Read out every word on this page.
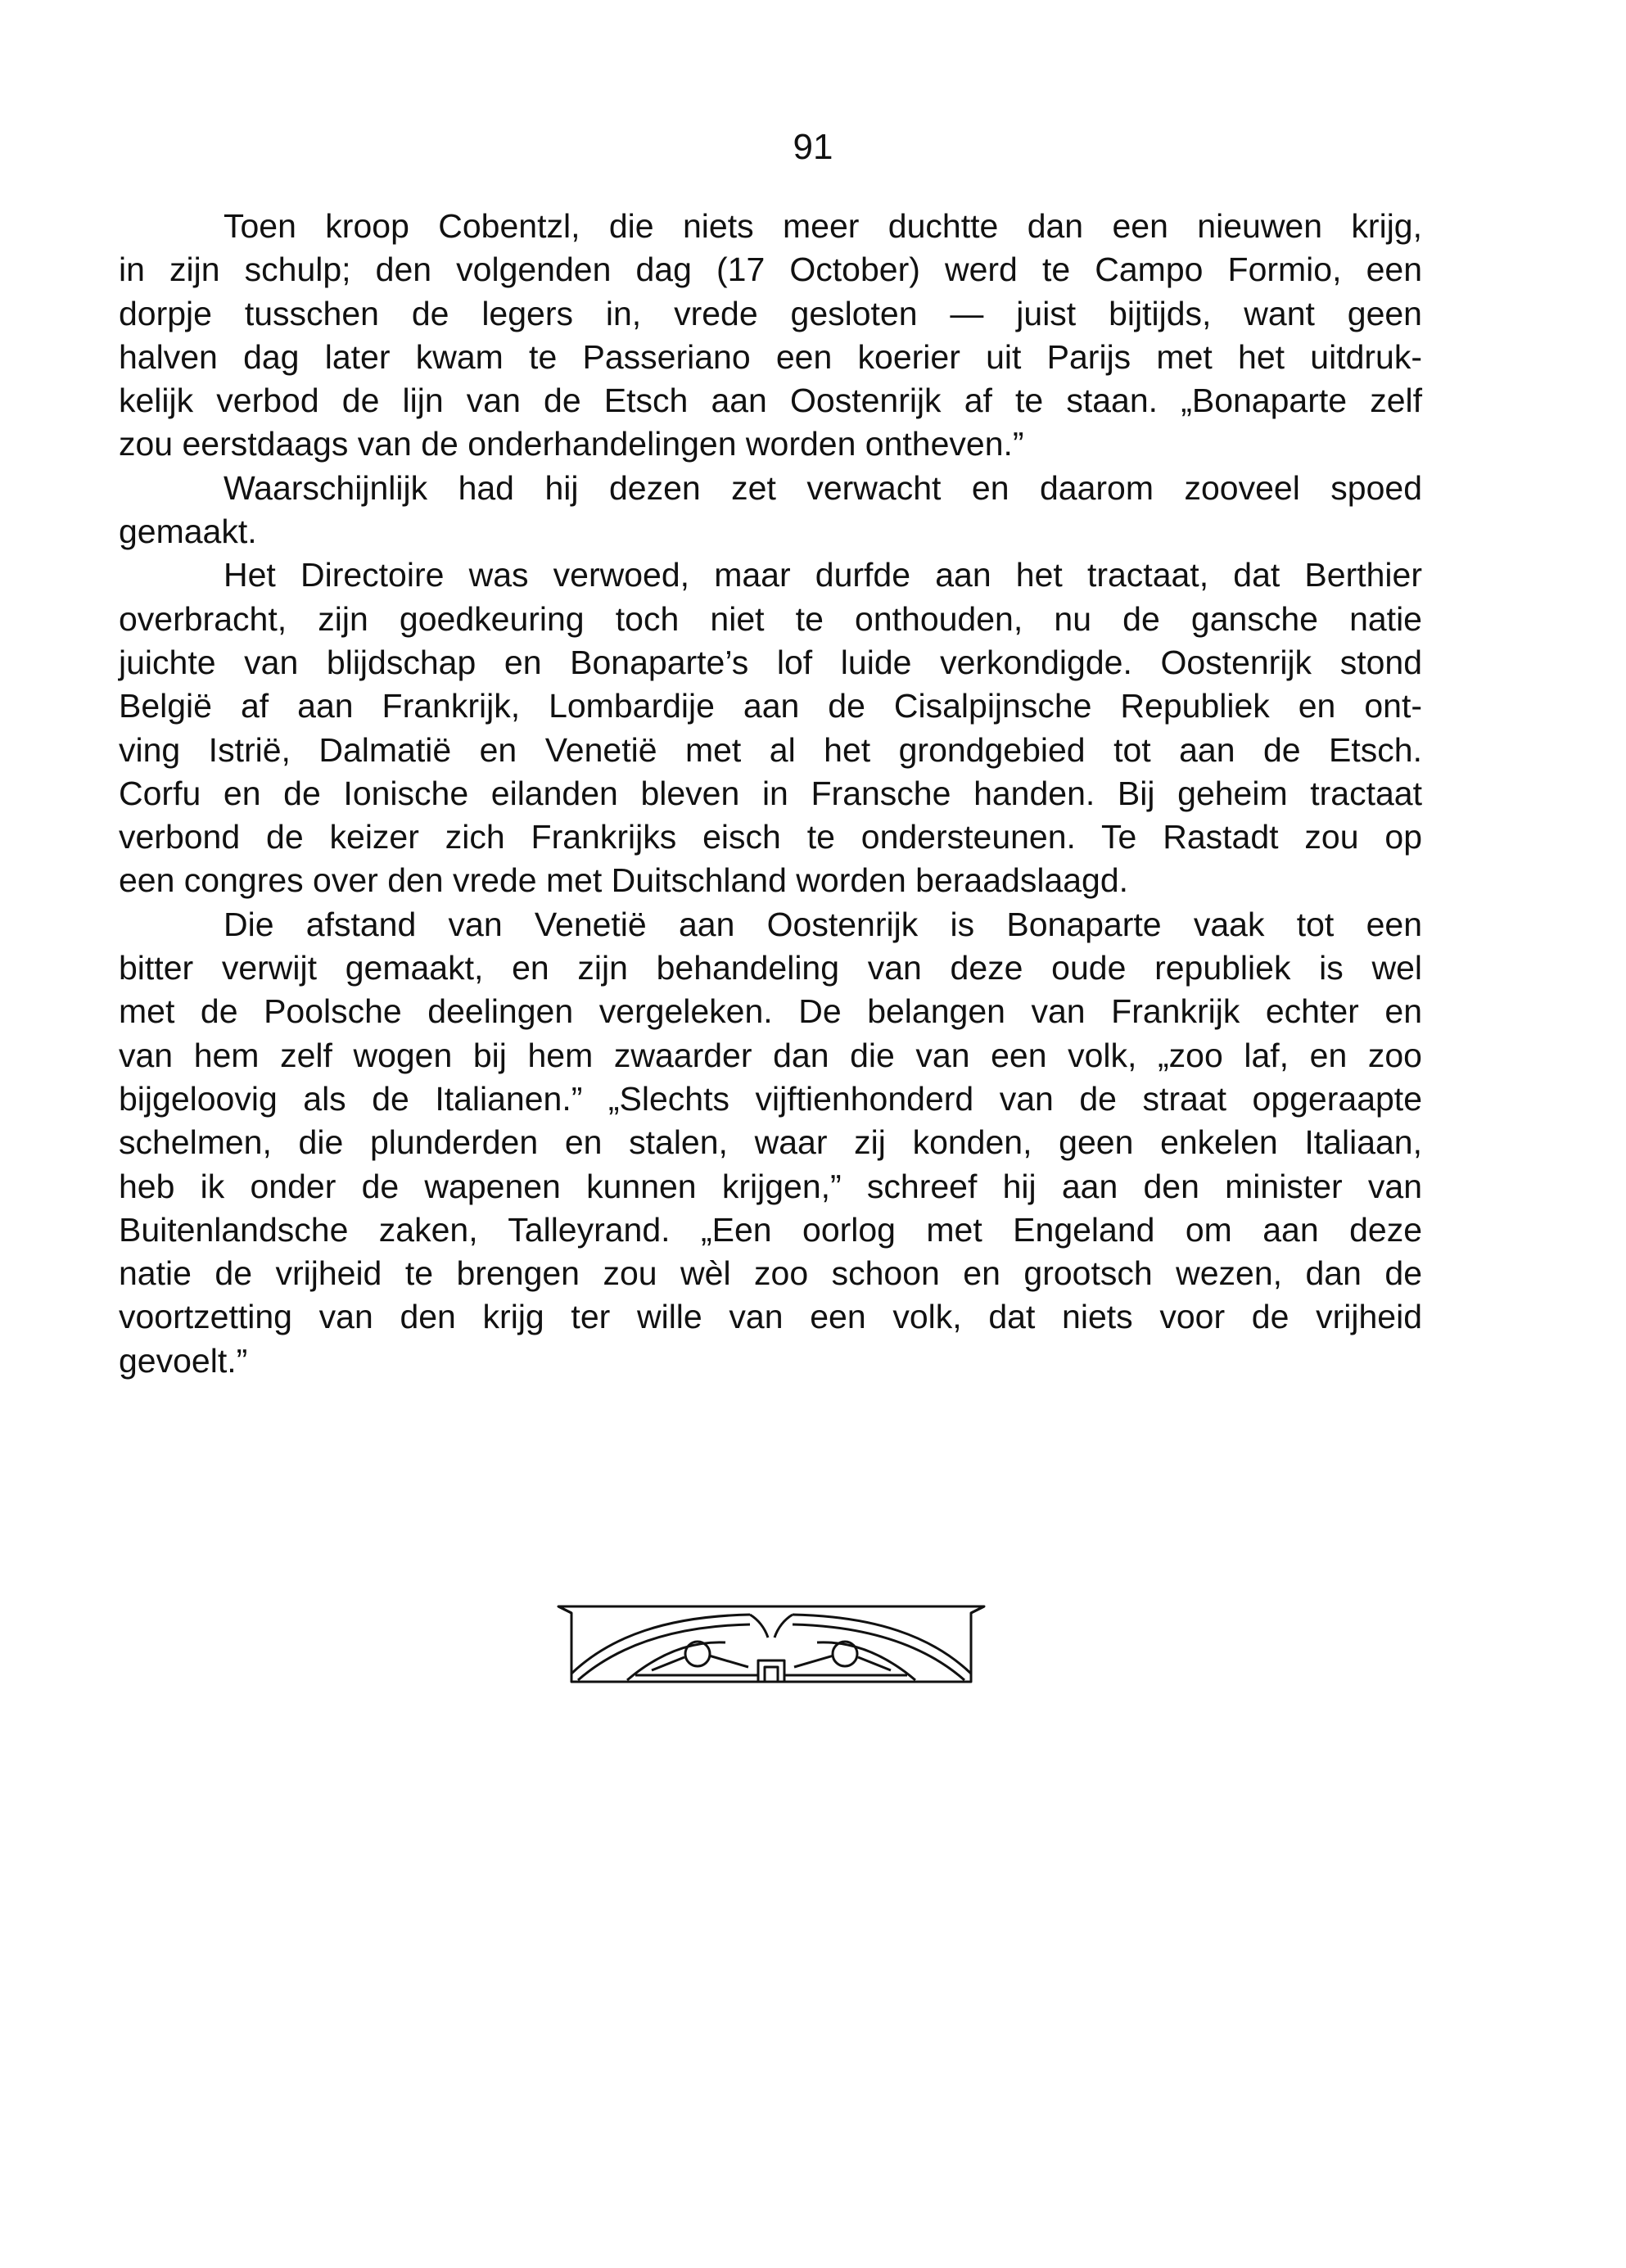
91
Toen kroop Cobentzl, die niets meer duchtte dan een nieuwen krijg,
in zijn schulp; den volgenden dag (17 October) werd te Campo Formio, een
dorpje tusschen de legers in, vrede gesloten — juist bijtijds, want geen
halven dag later kwam te Passeriano een koerier uit Parijs met het uitdruk-
kelijk verbod de lijn van de Etsch aan Oostenrijk af te staan. „Bonaparte zelf
zou eerstdaags van de onderhandelingen worden ontheven.”
Waarschijnlijk had hij dezen zet verwacht en daarom zooveel spoed
gemaakt.
Het Directoire was verwoed, maar durfde aan het tractaat, dat Berthier
overbracht, zijn goedkeuring toch niet te onthouden, nu de gansche natie
juichte van blijdschap en Bonaparte’s lof luide verkondigde. Oostenrijk stond
België af aan Frankrijk, Lombardije aan de Cisalpijnsche Republiek en ont-
ving Istrië, Dalmatië en Venetië met al het grondgebied tot aan de Etsch.
Corfu en de Ionische eilanden bleven in Fransche handen. Bij geheim tractaat
verbond de keizer zich Frankrijks eisch te ondersteunen. Te Rastadt zou op
een congres over den vrede met Duitschland worden beraadslaagd.
Die afstand van Venetië aan Oostenrijk is Bonaparte vaak tot een
bitter verwijt gemaakt, en zijn behandeling van deze oude republiek is wel
met de Poolsche deelingen vergeleken. De belangen van Frankrijk echter en
van hem zelf wogen bij hem zwaarder dan die van een volk, „zoo laf, en zoo
bijgeloovig als de Italianen.” „Slechts vijftienhonderd van de straat opgeraapte
schelmen, die plunderden en stalen, waar zij konden, geen enkelen Italiaan,
heb ik onder de wapenen kunnen krijgen,” schreef hij aan den minister van
Buitenlandsche zaken, Talleyrand. „Een oorlog met Engeland om aan deze
natie de vrijheid te brengen zou wèl zoo schoon en grootsch wezen, dan de
voortzetting van den krijg ter wille van een volk, dat niets voor de vrijheid
gevoelt.”
